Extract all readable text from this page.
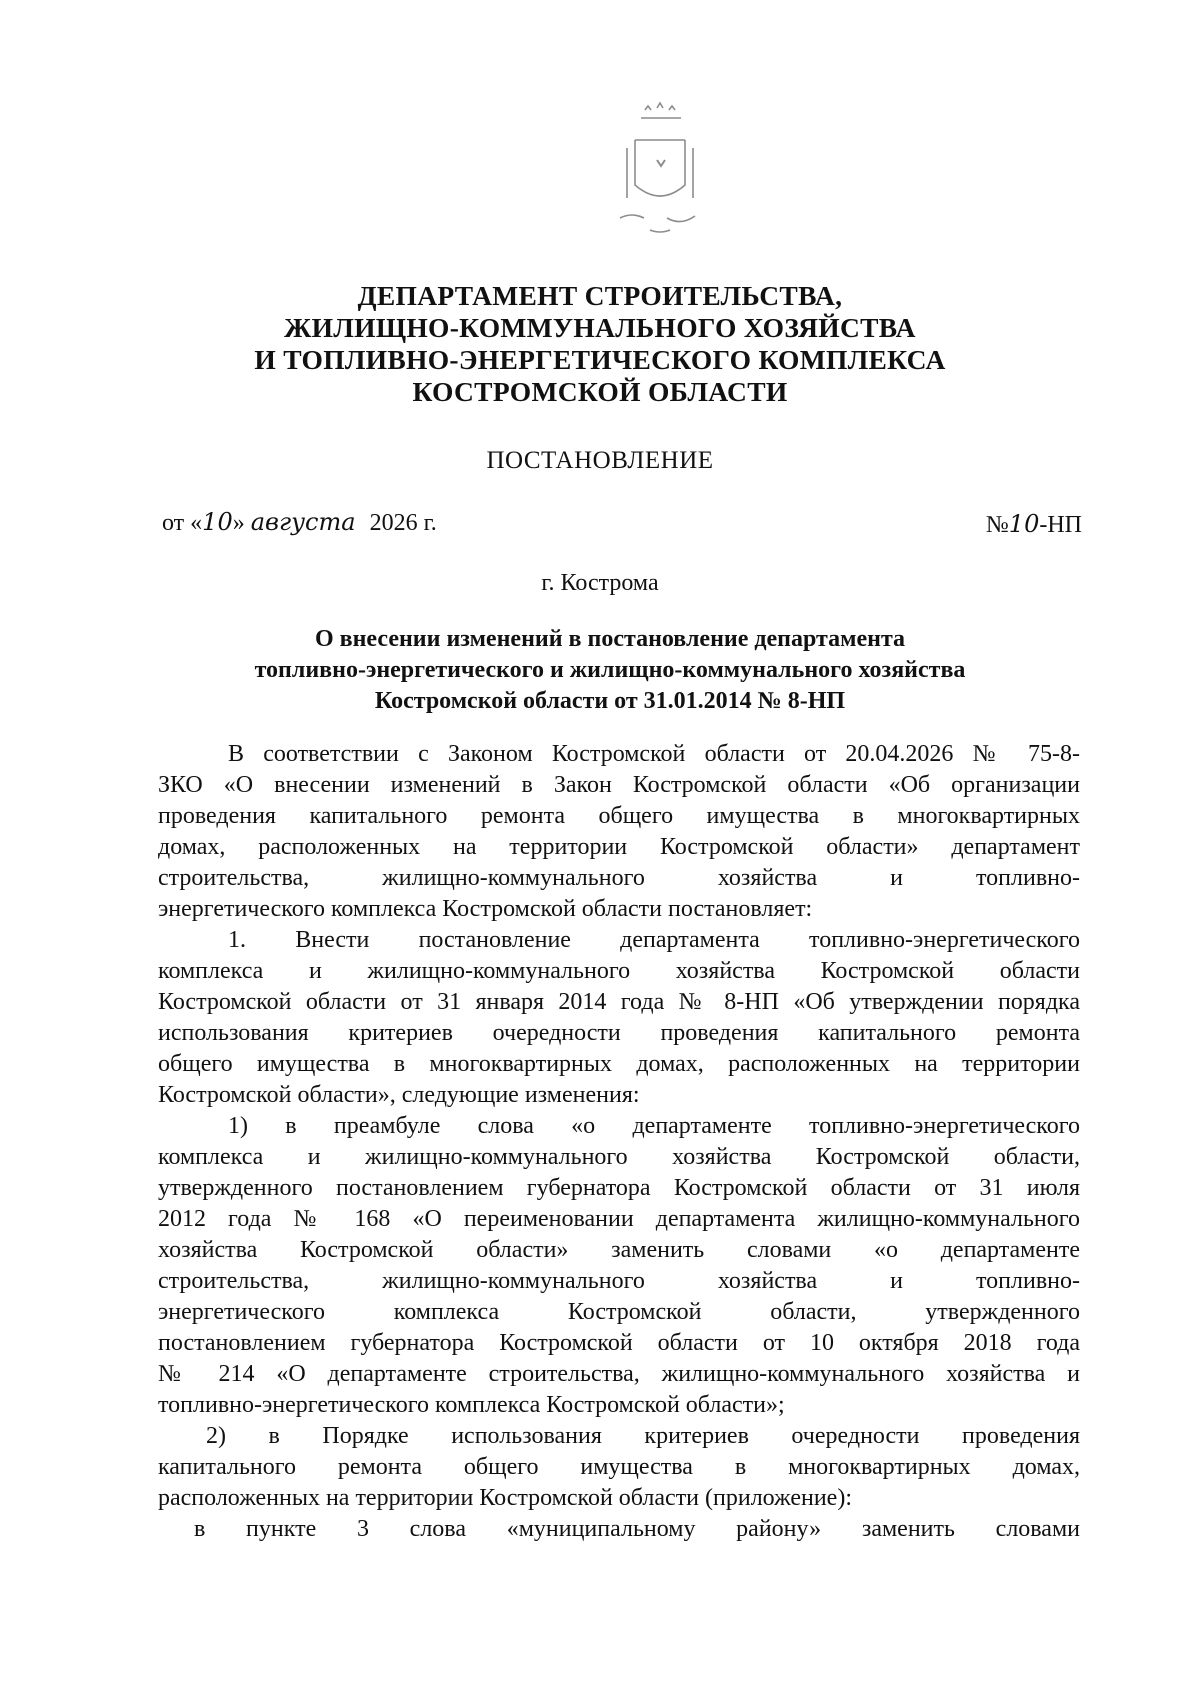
ДЕПАРТАМЕНТ СТРОИТЕЛЬСТВА,
ЖИЛИЩНО-КОММУНАЛЬНОГО ХОЗЯЙСТВА
И ТОПЛИВНО-ЭНЕРГЕТИЧЕСКОГО КОМПЛЕКСА
КОСТРОМСКОЙ ОБЛАСТИ
ПОСТАНОВЛЕНИЕ
от «10» августа 2026 г.	№10-НП
г. Кострома
О внесении изменений в постановление департамента
топливно-энергетического и жилищно-коммунального хозяйства
Костромской области от 31.01.2014 № 8-НП
В соответствии с Законом Костромской области от 20.04.2026 № 75-8-
ЗКО «О внесении изменений в Закон Костромской области «Об организации
проведения капитального ремонта общего имущества в многоквартирных
домах, расположенных на территории Костромской области» департамент
строительства, жилищно-коммунального хозяйства и топливно-
энергетического комплекса Костромской области постановляет:
1. Внести постановление департамента топливно-энергетического
комплекса и жилищно-коммунального хозяйства Костромской области
Костромской области от 31 января 2014 года № 8-НП «Об утверждении порядка
использования критериев очередности проведения капитального ремонта
общего имущества в многоквартирных домах, расположенных на территории
Костромской области», следующие изменения:
1) в преамбуле слова «о департаменте топливно-энергетического
комплекса и жилищно-коммунального хозяйства Костромской области,
утвержденного постановлением губернатора Костромской области от 31 июля
2012 года № 168 «О переименовании департамента жилищно-коммунального
хозяйства Костромской области» заменить словами «о департаменте
строительства, жилищно-коммунального хозяйства и топливно-
энергетического комплекса Костромской области, утвержденного
постановлением губернатора Костромской области от 10 октября 2018 года
№ 214 «О департаменте строительства, жилищно-коммунального хозяйства и
топливно-энергетического комплекса Костромской области»;
2) в Порядке использования критериев очередности проведения
капитального ремонта общего имущества в многоквартирных домах,
расположенных на территории Костромской области (приложение):
в пункте 3 слова «муниципальному району» заменить словами
